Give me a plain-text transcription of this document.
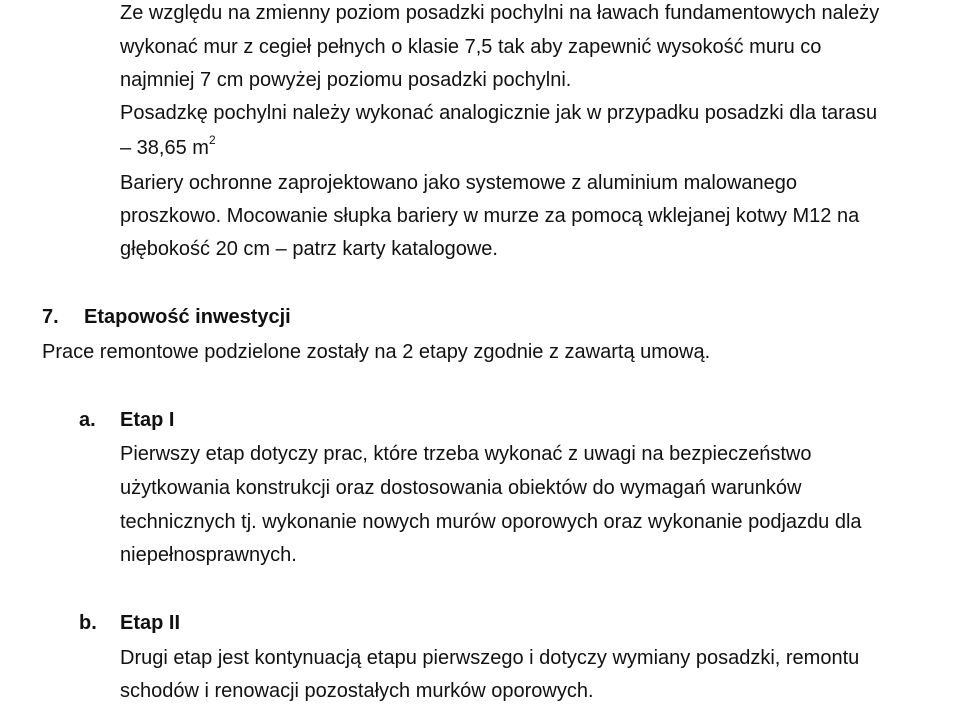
Ze względu na zmienny poziom posadzki pochylni na ławach fundamentowych należy
wykonać mur z cegieł pełnych o klasie 7,5 tak aby zapewnić wysokość muru co
najmniej 7 cm powyżej poziomu posadzki pochylni.
Posadzkę pochylni należy wykonać analogicznie jak w przypadku posadzki dla tarasu
– 38,65 $m^2$
Bariery ochronne zaprojektowano jako systemowe z aluminium malowanego
proszkowo. Mocowanie słupka bariery w murze za pomocą wklejanej kotwy M12 na
głębokość 20 cm – patrz karty katalogowe.
7. Etapowość inwestycji
Prace remontowe podzielone zostały na 2 etapy zgodnie z zawartą umową.
a. Etap I
Pierwszy etap dotyczy prac, które trzeba wykonać z uwagi na bezpieczeństwo
użytkowania konstrukcji oraz dostosowania obiektów do wymagań warunków
technicznych tj. wykonanie nowych murów oporowych oraz wykonanie podjazdu dla
niepełnosprawnych.
b. Etap II
Drugi etap jest kontynuacją etapu pierwszego i dotyczy wymiany posadzki, remontu
schodów i renowacji pozostałych murków oporowych.
